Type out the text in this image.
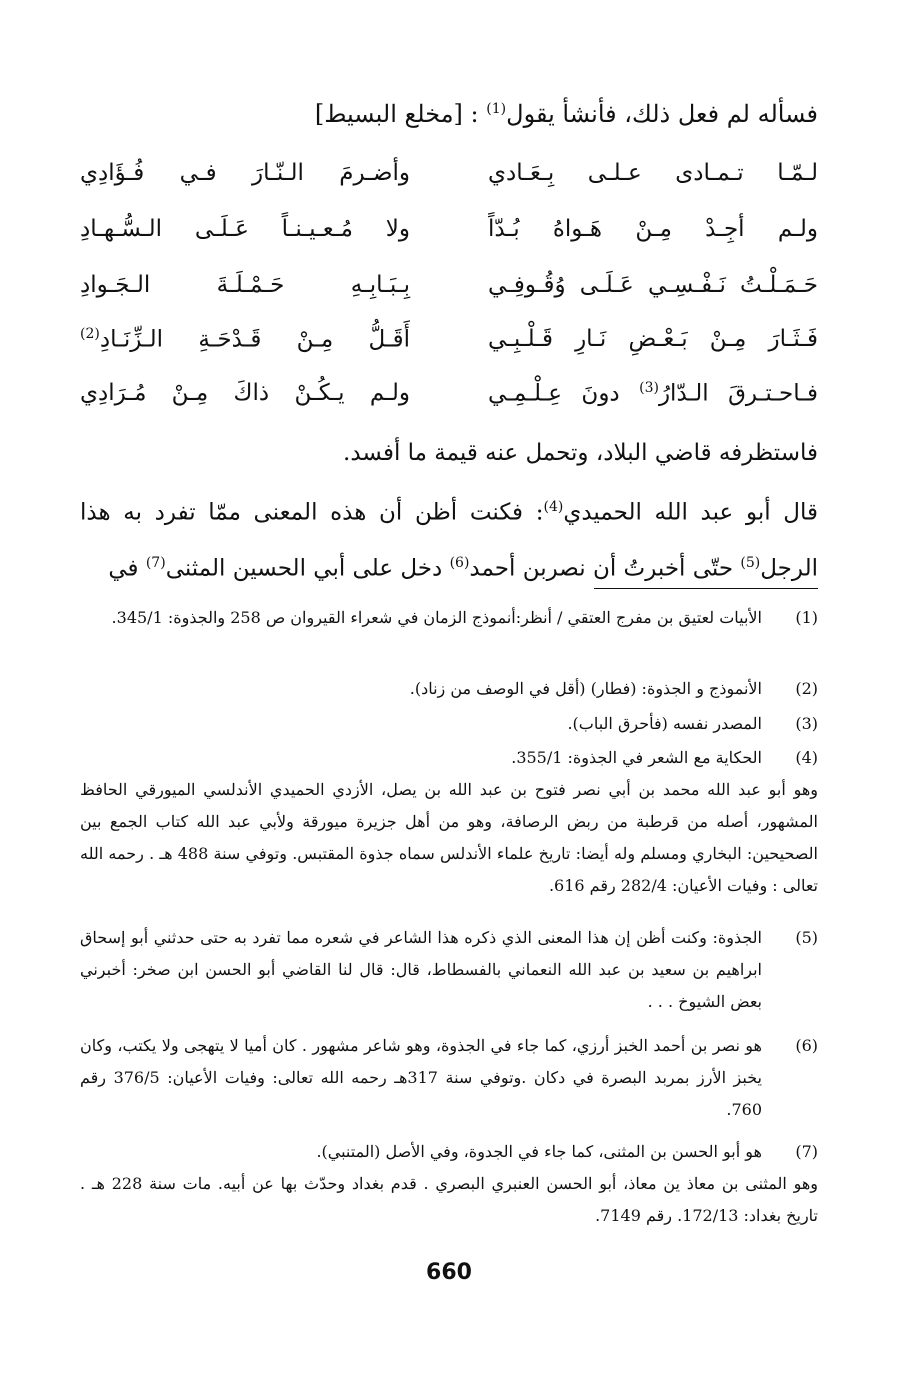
فسأله لم فعل ذلك، فأنشأ يقول$^{(1)}$ : [مخلع البسيط]
لـمّـا تـمـادى عـلـى بِـعَـادي
وأضـرمَ الـنّـارَ فـي فُـؤَادِي
ولـم أجِـدْ مِـنْ هَـواهُ بُـدّاً
ولا مُـعـيـنـاً عَـلَـى الـسُّـهـادِ
حَـمَـلْـتُ نَـفْـسِـي عَـلَـى وُقُـوفِـي
بِـبَـابِـهِ حَـمْـلَـةَ الـجَـوادِ
فَـثَـارَ مِـنْ بَـعْـضِ نَـارِ قَـلْـبِـي
أَقَـلُّ مِـنْ قَـدْحَـةِ الـزِّنَـادِ$^{(2)}$
فـاحـتـرقَ الـدّارُ$^{(3)}$ دونَ عِـلْـمِـي
ولـم يـكُـنْ ذاكَ مِـنْ مُـرَادِي
فاستظرفه قاضي البلاد، وتحمل عنه قيمة ما أفسد.
قال أبو عبد الله الحميدي$^{(4)}$: فكنت أظن أن هذه المعنى ممّا تفرد به هذا الرجل$^{(5)}$ حتّى أخبرتُ أن نصربن أحمد$^{(6)}$ دخل على أبي الحسين المثنى$^{(7)}$ في
(1)
الأبيات لعتيق بن مفرج العتقي / أنظر:أنموذج الزمان في شعراء القيروان ص 258 والجذوة: 345/1.
(2)
الأنموذج و الجذوة: (فطار) (أقل في الوصف من زناد).
(3)
المصدر نفسه (فأحرق الباب).
(4)
الحكاية مع الشعر في الجذوة: 355/1.
وهو أبو عبد الله محمد بن أبي نصر فتوح بن عبد الله بن يصل، الأزدي الحميدي الأندلسي الميورقي الحافظ المشهور، أصله من قرطبة من ربض الرصافة، وهو من أهل جزيرة ميورقة ولأبي عبد الله كتاب الجمع بين الصحيحين: البخاري ومسلم وله أيضا: تاريخ علماء الأندلس سماه جذوة المقتبس. وتوفي سنة 488 هـ . رحمه الله تعالى : وفيات الأعيان: 282/4 رقم 616.
(5)
الجذوة: وكنت أظن إن هذا المعنى الذي ذكره هذا الشاعر في شعره مما تفرد به حتى حدثني أبو إسحاق ابراهيم بن سعيد بن عبد الله النعماني بالفسطاط، قال: قال لنا القاضي أبو الحسن ابن صخر: أخبرني بعض الشيوخ . . .
(6)
هو نصر بن أحمد الخبز أرزي، كما جاء في الجذوة، وهو شاعر مشهور . كان أميا لا يتهجى ولا يكتب، وكان يخبز الأرز بمربد البصرة في دكان .وتوفي سنة 317هـ رحمه الله تعالى: وفيات الأعيان: 376/5 رقم 760.
(7)
هو أبو الحسن بن المثنى، كما جاء في الجدوة، وفي الأصل (المتنبي).
وهو المثنى بن معاذ ين معاذ، أبو الحسن العنبري البصري . قدم بغداد وحدّث بها عن أبيه. مات سنة 228 هـ . تاريخ بغداد: 172/13. رقم 7149.
660
